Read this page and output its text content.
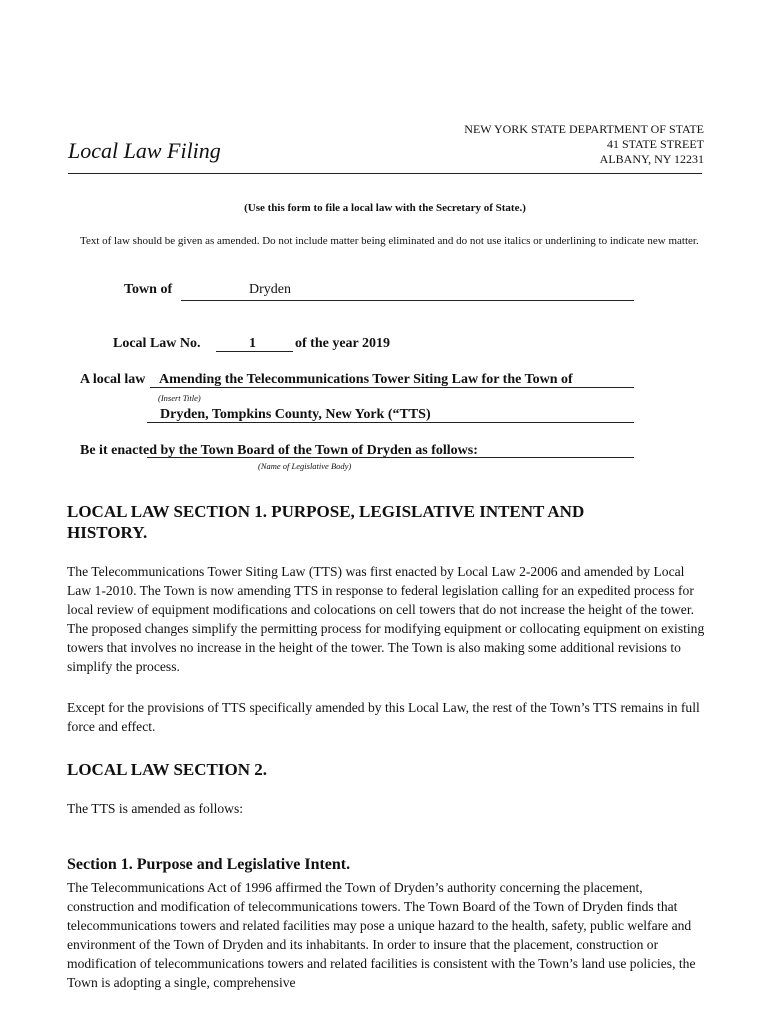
Local Law Filing
NEW YORK STATE DEPARTMENT OF STATE
41 STATE STREET
ALBANY, NY 12231
(Use this form to file a local law with the Secretary of State.)
Text of law should be given as amended. Do not include matter being eliminated and do not use italics or underlining to indicate new matter.
Town of	Dryden
Local Law No.	1	of the year 2019
A local law Amending the Telecommunications Tower Siting Law for the Town of
(Insert Title)
Dryden, Tompkins County, New York (“TTS)
Be it enacted by the Town Board of the Town of Dryden as follows:
(Name of Legislative Body)
LOCAL LAW SECTION 1. PURPOSE, LEGISLATIVE INTENT AND
HISTORY.
The Telecommunications Tower Siting Law (TTS) was first enacted by Local Law 2-2006 and amended by Local Law 1-2010. The Town is now amending TTS in response to federal legislation calling for an expedited process for local review of equipment modifications and colocations on cell towers that do not increase the height of the tower. The proposed changes simplify the permitting process for modifying equipment or collocating equipment on existing towers that involves no increase in the height of the tower. The Town is also making some additional revisions to simplify the process.
Except for the provisions of TTS specifically amended by this Local Law, the rest of the Town’s TTS remains in full force and effect.
LOCAL LAW SECTION 2.
The TTS is amended as follows:
Section 1. Purpose and Legislative Intent.
The Telecommunications Act of 1996 affirmed the Town of Dryden’s authority concerning the placement, construction and modification of telecommunications towers. The Town Board of the Town of Dryden finds that telecommunications towers and related facilities may pose a unique hazard to the health, safety, public welfare and environment of the Town of Dryden and its inhabitants. In order to insure that the placement, construction or modification of telecommunications towers and related facilities is consistent with the Town’s land use policies, the Town is adopting a single, comprehensive
